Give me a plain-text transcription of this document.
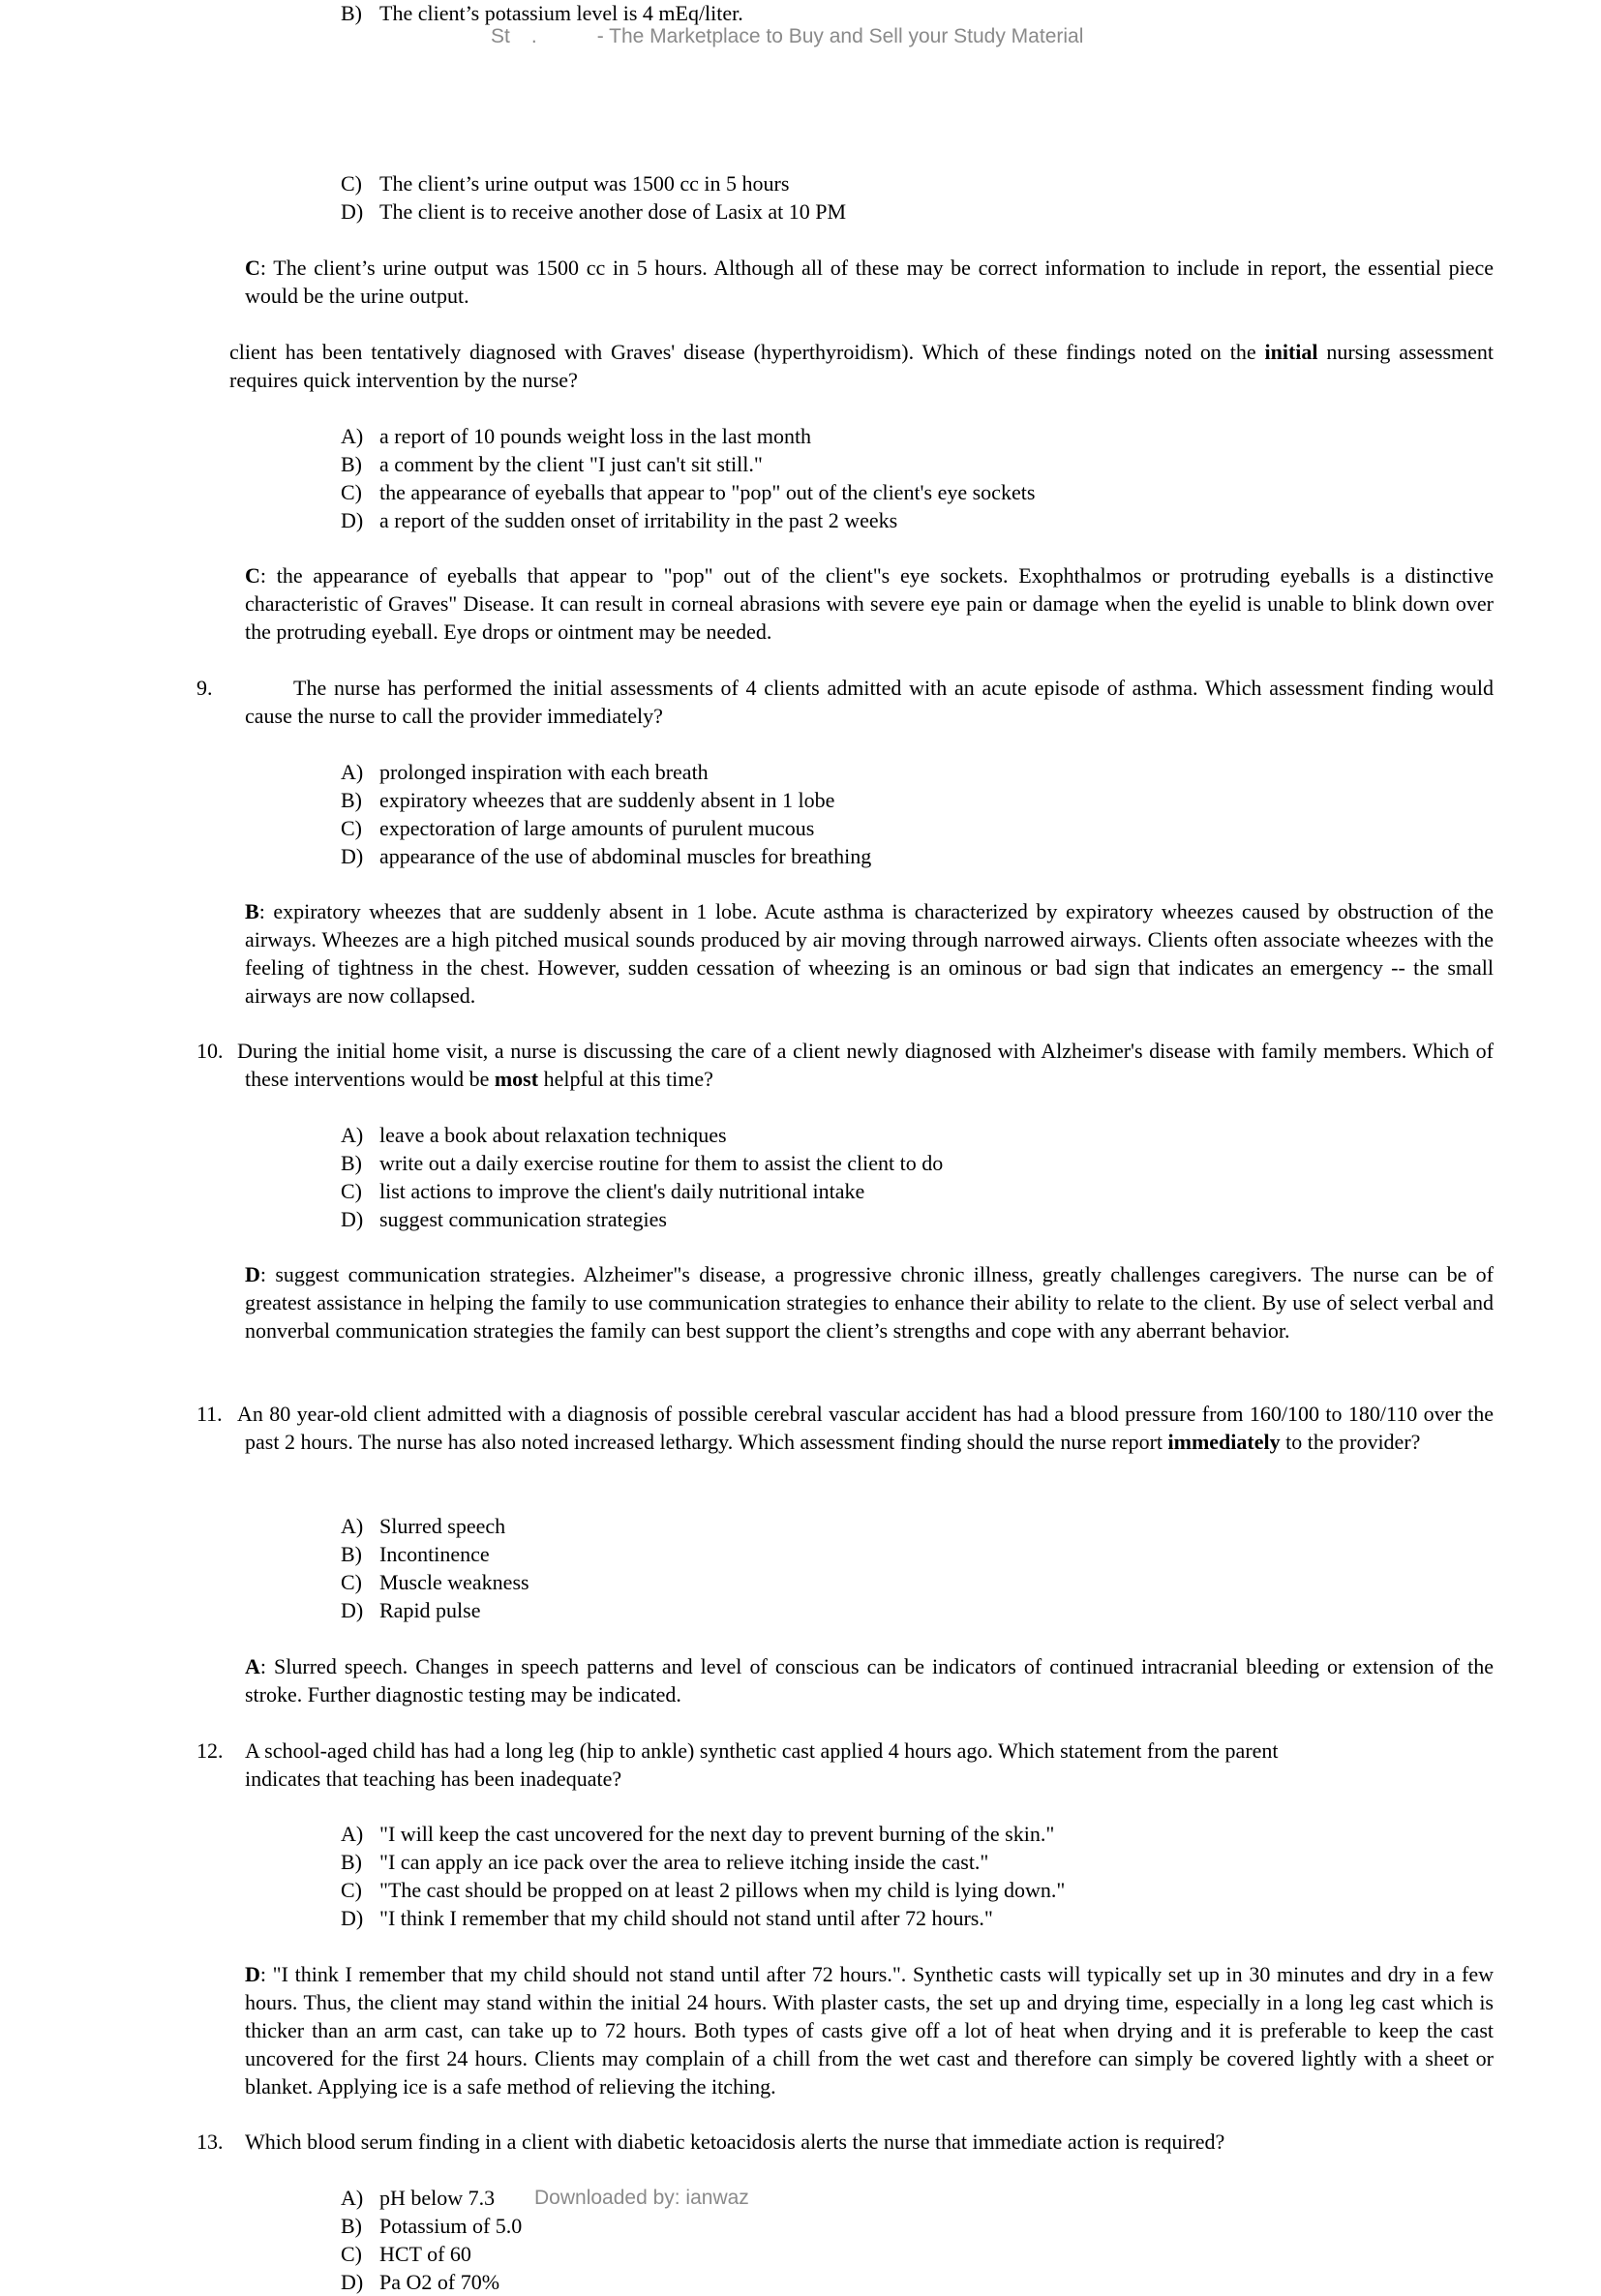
B) The client’s potassium level is 4 mEq/liter.
St .	- The Marketplace to Buy and Sell your Study Material
C) The client’s urine output was 1500 cc in 5 hours
D) The client is to receive another dose of Lasix at 10 PM
C: The client’s urine output was 1500 cc in 5 hours. Although all of these may be correct information to include in report, the essential piece would be the urine output.
client has been tentatively diagnosed with Graves' disease (hyperthyroidism). Which of these findings noted on the initial nursing assessment requires quick intervention by the nurse?
A) a report of 10 pounds weight loss in the last month
B) a comment by the client "I just can't sit still."
C) the appearance of eyeballs that appear to "pop" out of the client's eye sockets
D) a report of the sudden onset of irritability in the past 2 weeks
C: the appearance of eyeballs that appear to "pop" out of the client"s eye sockets. Exophthalmos or protruding eyeballs is a distinctive characteristic of Graves" Disease. It can result in corneal abrasions with severe eye pain or damage when the eyelid is unable to blink down over the protruding eyeball. Eye drops or ointment may be needed.
9.	The nurse has performed the initial assessments of 4 clients admitted with an acute episode of asthma. Which assessment finding would cause the nurse to call the provider immediately?
A) prolonged inspiration with each breath
B) expiratory wheezes that are suddenly absent in 1 lobe
C) expectoration of large amounts of purulent mucous
D) appearance of the use of abdominal muscles for breathing
B: expiratory wheezes that are suddenly absent in 1 lobe. Acute asthma is characterized by expiratory wheezes caused by obstruction of the airways. Wheezes are a high pitched musical sounds produced by air moving through narrowed airways. Clients often associate wheezes with the feeling of tightness in the chest. However, sudden cessation of wheezing is an ominous or bad sign that indicates an emergency -- the small airways are now collapsed.
10. During the initial home visit, a nurse is discussing the care of a client newly diagnosed with Alzheimer's disease with family members. Which of these interventions would be most helpful at this time?
A) leave a book about relaxation techniques
B) write out a daily exercise routine for them to assist the client to do
C) list actions to improve the client's daily nutritional intake
D) suggest communication strategies
D: suggest communication strategies. Alzheimer"s disease, a progressive chronic illness, greatly challenges caregivers. The nurse can be of greatest assistance in helping the family to use communication strategies to enhance their ability to relate to the client. By use of select verbal and nonverbal communication strategies the family can best support the client’s strengths and cope with any aberrant behavior.
11. An 80 year-old client admitted with a diagnosis of possible cerebral vascular accident has had a blood pressure from 160/100 to 180/110 over the past 2 hours. The nurse has also noted increased lethargy. Which assessment finding should the nurse report immediately to the provider?
A) Slurred speech
B) Incontinence
C) Muscle weakness
D) Rapid pulse
A: Slurred speech. Changes in speech patterns and level of conscious can be indicators of continued intracranial bleeding or extension of the stroke. Further diagnostic testing may be indicated.
12. A school-aged child has had a long leg (hip to ankle) synthetic cast applied 4 hours ago. Which statement from the parent
indicates that teaching has been inadequate?
A) "I will keep the cast uncovered for the next day to prevent burning of the skin."
B) "I can apply an ice pack over the area to relieve itching inside the cast."
C) "The cast should be propped on at least 2 pillows when my child is lying down."
D) "I think I remember that my child should not stand until after 72 hours."
D: "I think I remember that my child should not stand until after 72 hours.". Synthetic casts will typically set up in 30 minutes and dry in a few hours. Thus, the client may stand within the initial 24 hours. With plaster casts, the set up and drying time, especially in a long leg cast which is thicker than an arm cast, can take up to 72 hours. Both types of casts give off a lot of heat when drying and it is preferable to keep the cast uncovered for the first 24 hours. Clients may complain of a chill from the wet cast and therefore can simply be covered lightly with a sheet or blanket. Applying ice is a safe method of relieving the itching.
13. Which blood serum finding in a client with diabetic ketoacidosis alerts the nurse that immediate action is required?
A) pH below 7.3 Downloaded by: ianwaz
B) Potassium of 5.0
C) HCT of 60
D) Pa O2 of 70%
